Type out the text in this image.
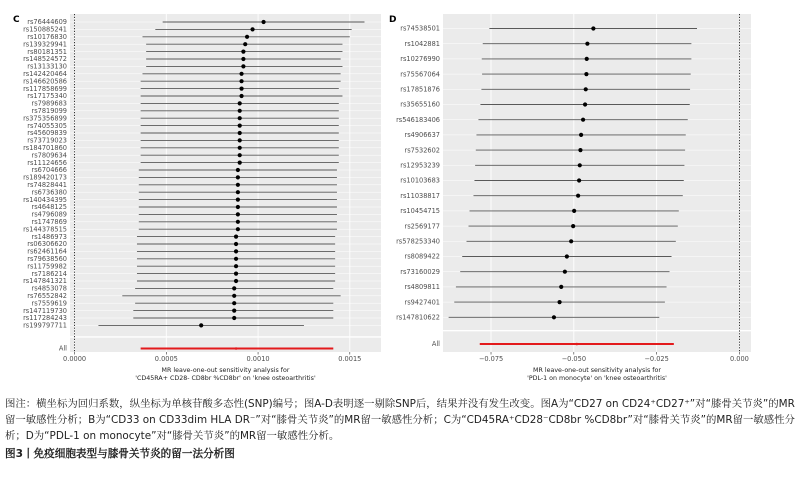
C rs76444609
rs150885241
rs10176830
rs139329941
rs80181351
rs148524572
rs13133130
rs142420464
rs146620586
rs117858699
rs17175340
rs7989683
rs7819099
rs375356899
rs74055305
rs45609839
rs73719023
rs184701860
rs7809634
rs11124656
rs6704666
rs189420173
rs74828441
rs6736380
rs140434395
rs4648125
rs4796089
rs1747869
rs144378515
rs1486973
rs06306620
rs62461164
rs79638560
rs11759982
rs7186214
rs147841321
rs4853078
rs76552842
rs7559619
rs147119730
rs117284243
rs199797711
All
0.0000	0.0005	0.0010	0.0015
MR leave-one-out sensitivity analysis for
'CD45RA+ CD28- CD8br %CD8br' on 'knee osteoarthritis'
D
rs74538501
rs1042881
rs10276990
rs75567064
rs17851876
rs35655160
rs546183406
rs4906637
rs7532602
rs12953239
rs10103683
rs11038817
rs10454715
rs2569177
rs578253340
rs8089422
rs73160029
rs4809811
rs9427401
rs147810622
All
−0.075	−0.050	−0.025	0.000
MR leave-one-out sensitivity analysis for
'PDL-1 on monocyte' on 'knee osteoarthritis'
图注：横坐标为回归系数，纵坐标为单核苷酸多态性(SNP)编号；图A-D表明逐一剔除SNP后，结果并没有发生改变。图A为“CD27 on CD24⁺CD27⁺”对“膝骨关节炎”的MR留一敏感性分析；B为“CD33 on CD33dim HLA DR⁻”对“膝骨关节炎”的MR留一敏感性分析；C为“CD45RA⁺CD28⁻CD8br %CD8br”对“膝骨关节炎”的MR留一敏感性分析；D为“PDL-1 on monocyte”对“膝骨关节炎”的MR留一敏感性分析。
图3丨免疫细胞表型与膝骨关节炎的留一法分析图
